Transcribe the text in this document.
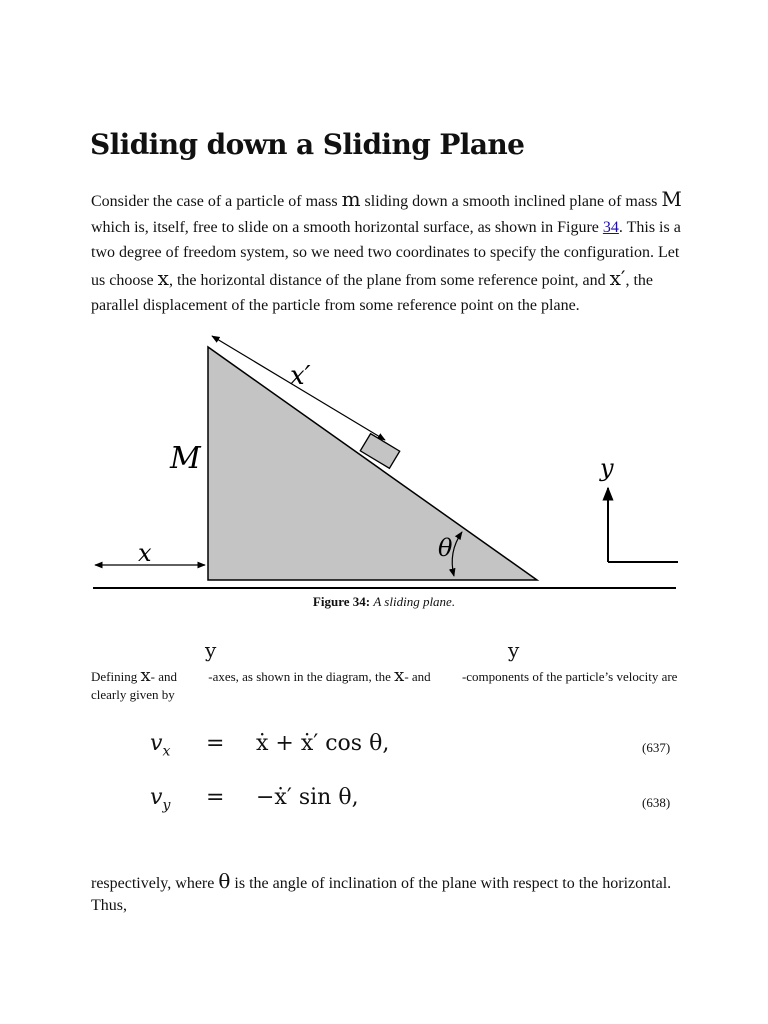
Sliding down a Sliding Plane
Consider the case of a particle of mass m sliding down a smooth inclined plane of mass M which is, itself, free to slide on a smooth horizontal surface, as shown in Figure 34. This is a two degree of freedom system, so we need two coordinates to specify the configuration. Let us choose x, the horizontal distance of the plane from some reference point, and x′, the parallel displacement of the particle from some reference point on the plane.
M
x
x′
θ
y
Figure 34: A sliding plane.
y	y
Defining x- and -axes, as shown in the diagram, the x- and -components of the particle’s velocity are clearly given by
$v_x$ = ẋ + ẋ′ cos θ,	(637)
$v_y$ = −ẋ′ sin θ,	(638)
respectively, where θ is the angle of inclination of the plane with respect to the horizontal. Thus,
